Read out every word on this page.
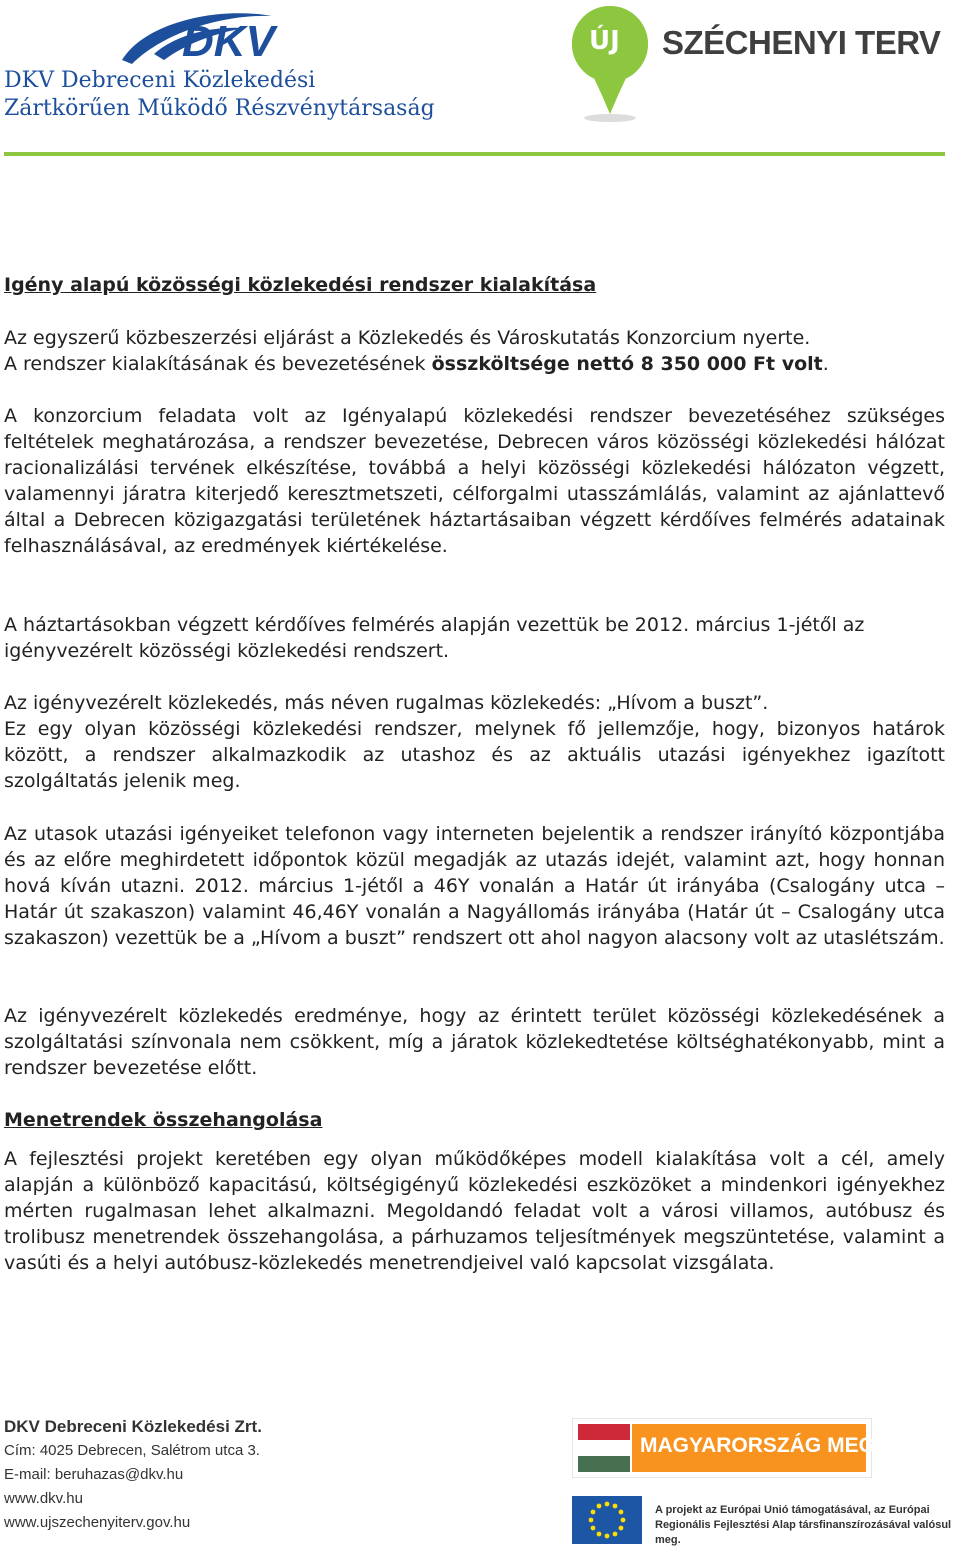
DKV
DKV Debreceni Közlekedési
Zártkörűen Működő Részvénytársaság
ÚJ SZÉCHENYI TERV
Igény alapú közösségi közlekedési rendszer kialakítása
Az egyszerű közbeszerzési eljárást a Közlekedés és Városkutatás Konzorcium nyerte.
A rendszer kialakításának és bevezetésének összköltsége nettó 8 350 000 Ft volt.

A konzorcium feladata volt az Igényalapú közlekedési rendszer bevezetéséhez szükséges feltételek meghatározása, a rendszer bevezetése, Debrecen város közösségi közlekedési hálózat racionalizálási tervének elkészítése, továbbá a helyi közösségi közlekedési hálózaton végzett, valamennyi járatra kiterjedő keresztmetszeti, célforgalmi utasszámlálás, valamint az ajánlattevő által a Debrecen közigazgatási területének háztartásaiban végzett kérdőíves felmérés adatainak felhasználásával, az eredmények kiértékelése.

A háztartásokban végzett kérdőíves felmérés alapján vezettük be 2012. március 1-jétől az igényvezérelt közösségi közlekedési rendszert.

Az igényvezérelt közlekedés, más néven rugalmas közlekedés: „Hívom a buszt”.
Ez egy olyan közösségi közlekedési rendszer, melynek fő jellemzője, hogy, bizonyos határok között, a rendszer alkalmazkodik az utashoz és az aktuális utazási igényekhez igazított szolgáltatás jelenik meg.

Az utasok utazási igényeiket telefonon vagy interneten bejelentik a rendszer irányító központjába és az előre meghirdetett időpontok közül megadják az utazás idejét, valamint azt, hogy honnan hová kíván utazni. 2012. március 1-jétől a 46Y vonalán a Határ út irányába (Csalogány utca – Határ út szakaszon) valamint 46,46Y vonalán a Nagyállomás irányába (Határ út – Csalogány utca szakaszon) vezettük be a „Hívom a buszt” rendszert ott ahol nagyon alacsony volt az utaslétszám.

Az igényvezérelt közlekedés eredménye, hogy az érintett terület közösségi közlekedésének a szolgáltatási színvonala nem csökkent, míg a járatok közlekedtetése költséghatékonyabb, mint a rendszer bevezetése előtt.

Menetrendek összehangolása

A fejlesztési projekt keretében egy olyan működőképes modell kialakítása volt a cél, amely alapján a különböző kapacitású, költségigényű közlekedési eszközöket a mindenkori igényekhez mérten rugalmasan lehet alkalmazni. Megoldandó feladat volt a városi villamos, autóbusz és trolibusz menetrendek összehangolása, a párhuzamos teljesítmények megszüntetése, valamint a vasúti és a helyi autóbusz-közlekedés menetrendjeivel való kapcsolat vizsgálata.

DKV Debreceni Közlekedési Zrt.
Cím: 4025 Debrecen, Salétrom utca 3.
E-mail: beruhazas@dkv.hu
www.dkv.hu
www.ujszechenyiterv.gov.hu
MAGYARORSZÁG MEGÚJUL
A projekt az Európai Unió támogatásával, az Európai
Regionális Fejlesztési Alap társfinanszírozásával valósul meg.
